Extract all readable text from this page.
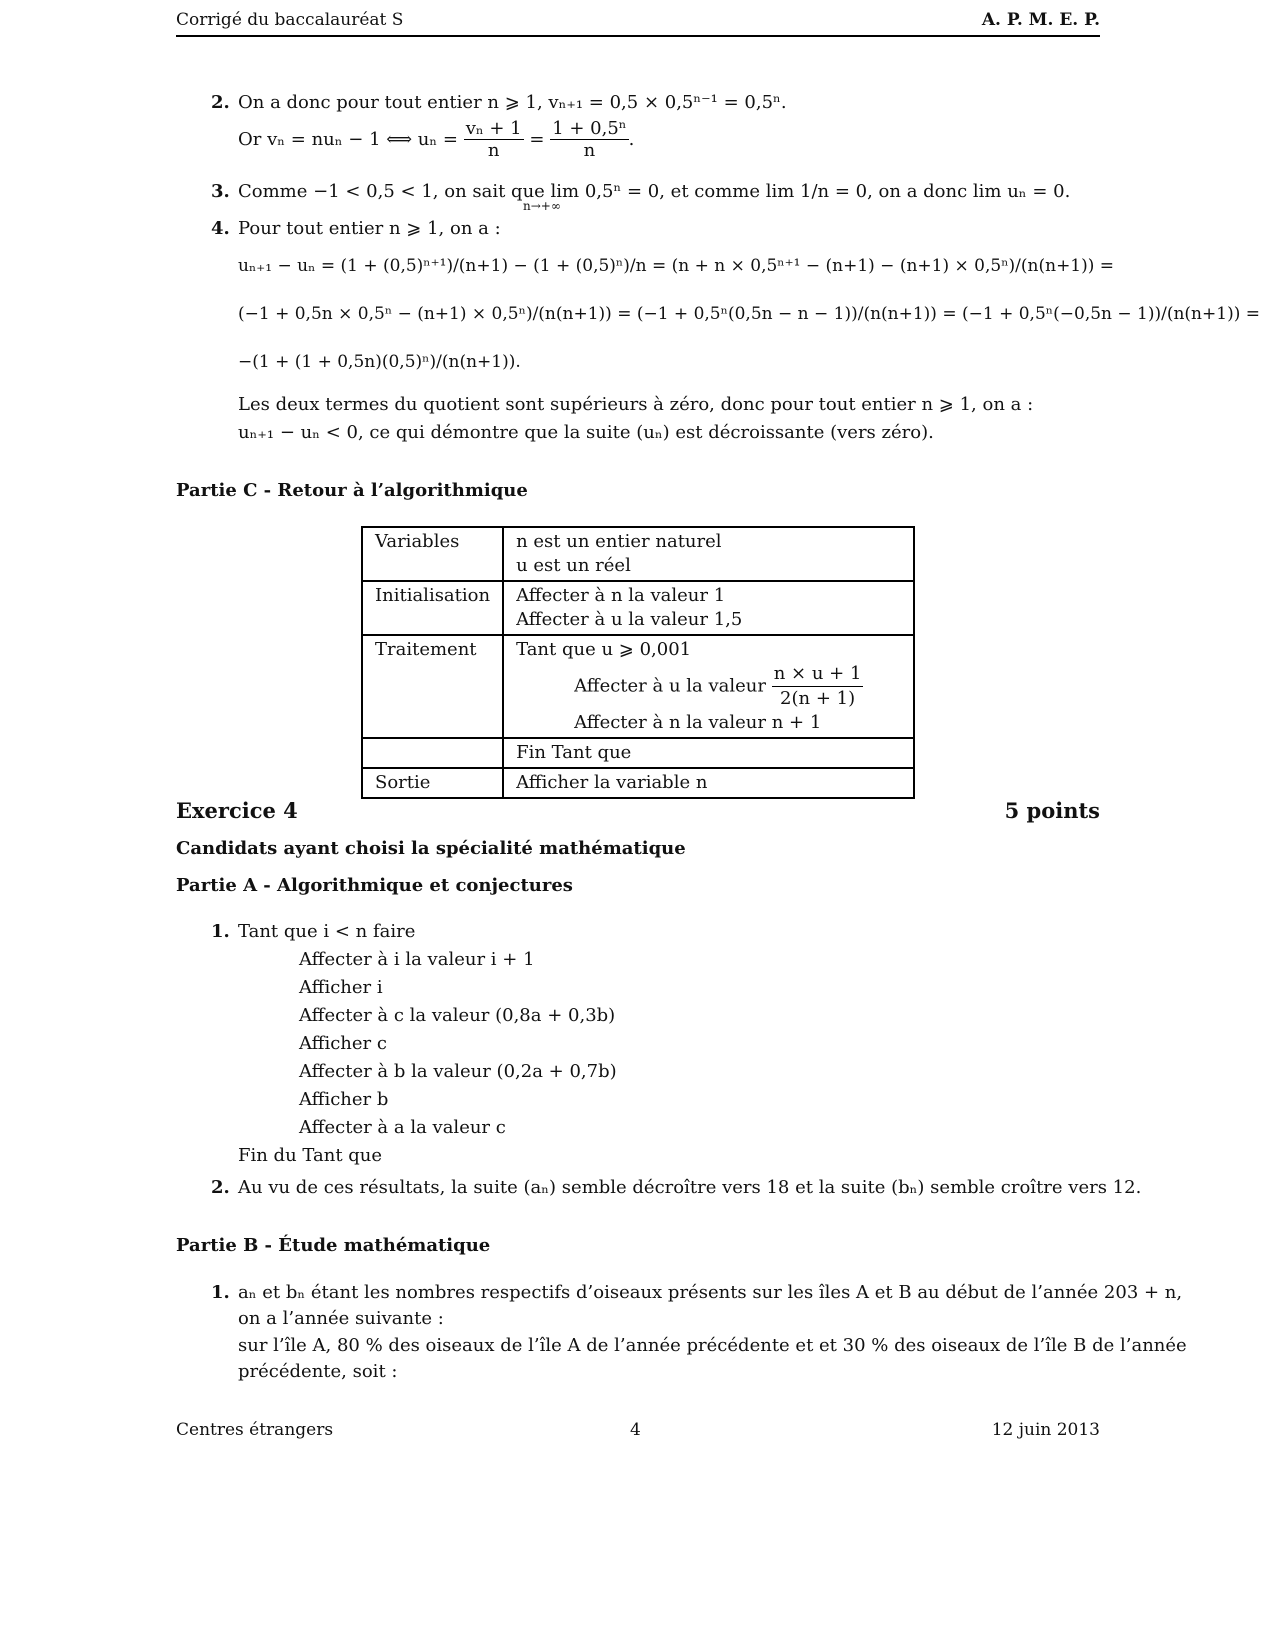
Corrigé du baccalauréat S	A. P. M. E. P.
2. On a donc pour tout entier n ⩾ 1, vₙ₊₁ = 0,5 × 0,5ⁿ⁻¹ = 0,5ⁿ.
Or vₙ = nuₙ − 1 ⟺ $u_n = \frac{\text{vₙ + 1}}{n} = \frac{\text{1 + 0,5ⁿ}}{n}$ .
3. Comme −1 < 0,5 < 1, on sait que lim 0,5ⁿ = 0, et comme lim 1/n = 0, on a donc lim uₙ = 0.
n→+∞
4. Pour tout entier n ⩾ 1, on a :
uₙ₊₁ − uₙ = (1 + (0,5)ⁿ⁺¹)/(n+1) − (1 + (0,5)ⁿ)/n = (n + n × 0,5ⁿ⁺¹ − (n+1) − (n+1) × 0,5ⁿ)/(n(n+1)) =
(−1 + 0,5n × 0,5ⁿ − (n+1) × 0,5ⁿ)/(n(n+1)) = (−1 + 0,5ⁿ(0,5n − n − 1))/(n(n+1)) = (−1 + 0,5ⁿ(−0,5n − 1))/(n(n+1)) =
−(1 + (1 + 0,5n)(0,5)ⁿ)/(n(n+1)).
Les deux termes du quotient sont supérieurs à zéro, donc pour tout entier n ⩾ 1, on a :
uₙ₊₁ − uₙ < 0, ce qui démontre que la suite (uₙ) est décroissante (vers zéro).
Partie C - Retour à l’algorithmique
Variables	n est un entier naturel
u est un réel

Initialisation	Affecter à n la valeur 1
Affecter à u la valeur 1,5

Traitement	Tant que u ⩾ 0,001
Affecter à u la valeur $\frac{n \times u + 1}{2(n + 1)}$
Affecter à n la valeur n + 1

	Fin Tant que
Sortie	Afficher la variable n
Exercice 4	5 points
Candidats ayant choisi la spécialité mathématique
Partie A - Algorithmique et conjectures
1. Tant que i < n faire
Affecter à i la valeur i + 1
Afficher i
Affecter à c la valeur (0,8a + 0,3b)
Afficher c
Affecter à b la valeur (0,2a + 0,7b)
Afficher b
Affecter à a la valeur c
Fin du Tant que
2. Au vu de ces résultats, la suite (aₙ) semble décroître vers 18 et la suite (bₙ) semble croître vers 12.
Partie B - Étude mathématique
1. aₙ et bₙ étant les nombres respectifs d’oiseaux présents sur les îles A et B au début de l’année 203 + n,
on a l’année suivante :
sur l’île A, 80 % des oiseaux de l’île A de l’année précédente et et 30 % des oiseaux de l’île B de l’année
précédente, soit :
Centres étrangers	4	12 juin 2013
